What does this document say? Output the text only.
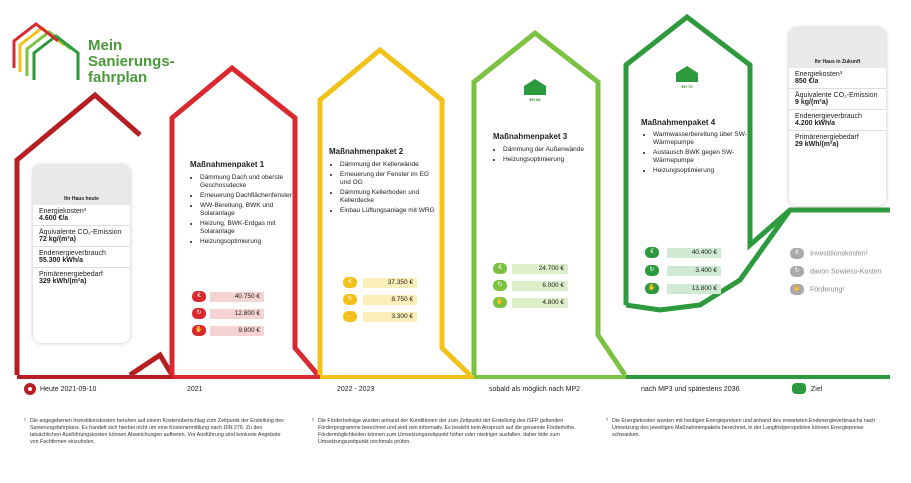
Mein
Sanierungs-
fahrplan
Ihr Haus heute
Energiekosten³
4.600 €/a
Äquivalente CO₂-Emission
72 kg/(m²a)
Endenergieverbrauch
55.300 kWh/a
Primärenergiebedarf
329 kWh/(m²a)
Ihr Haus in Zukunft
Energiekosten³
850 €/a
Äquivalente CO₂-Emission
9 kg/(m²a)
Endenergieverbrauch
4.200 kWh/a
Primärenergiebedarf
29 kWh/(m²a)
EH 85
EH 70
Maßnahmenpaket 1
• Dämmung Dach und oberste Geschossdecke
• Erneuerung Dachflächenfenster
• WW-Bereitung, BWK und Solaranlage
• Heizung, BWK-Erdgas mit Solaranlage
• Heizungsoptimierung
€	40.750 €
↻	12.800 €
✋	9.800 €
Maßnahmenpaket 2
• Dämmung der Kellerwände
• Erneuerung der Fenster im EG und OG
• Dämmung Kellerboden und Kellerdecke
• Einbau Lüftungsanlage mit WRG
€	37.350 €
↻	8.750 €
✋	3.300 €
Maßnahmenpaket 3
• Dämmung der Außenwände
• Heizungsoptimierung
€	24.700 €
↻	6.000 €
✋	4.800 €
Maßnahmenpaket 4
• Warmwasserbereitung über SW-Wärmepumpe
• Austausch BWK gegen SW-Wärmepumpe
• Heizungsoptimierung
€	40.400 €
↻	3.400 €
✋	13.800 €
€ Investitionskosten¹
↻ davon Sowieso-Kosten
✋ Förderung²
Heute 2021-09-10	2021	2022 - 2023	sobald als möglich nach MP2	nach MP3 und spätestens 2036	Ziel
¹ Die angegebenen Investitionskosten beruhen auf einem Kostenüberschlag zum Zeitpunkt der Erstellung des Sanierungsfahrplans. Es handelt sich hierbei nicht um eine Kostenermittlung nach DIN 276. Zu den tatsächlichen Ausführungskosten können Abweichungen auftreten. Vor Ausführung sind konkrete Angebote von Fachfirmen einzuholen.
² Die Förderbeträge wurden anhand der Konditionen der zum Zeitpunkt der Erstellung des iSFP geltenden Förderprogramme berechnet und sind rein informativ. Es besteht kein Anspruch auf die genannte Förderhöhe. Fördermöglichkeiten können zum Umsetzungszeitpunkt höher oder niedriger ausfallen, daher bitte zum Umsetzungszeitpunkt nochmals prüfen.
³ Die Energiekosten wurden mit heutigen Energiepreisen und anhand des erwarteten Endenergieverbrauchs nach Umsetzung des jeweiligen Maßnahmenpakets berechnet, in der Langfristperspektive können Energiepreise schwanken.
